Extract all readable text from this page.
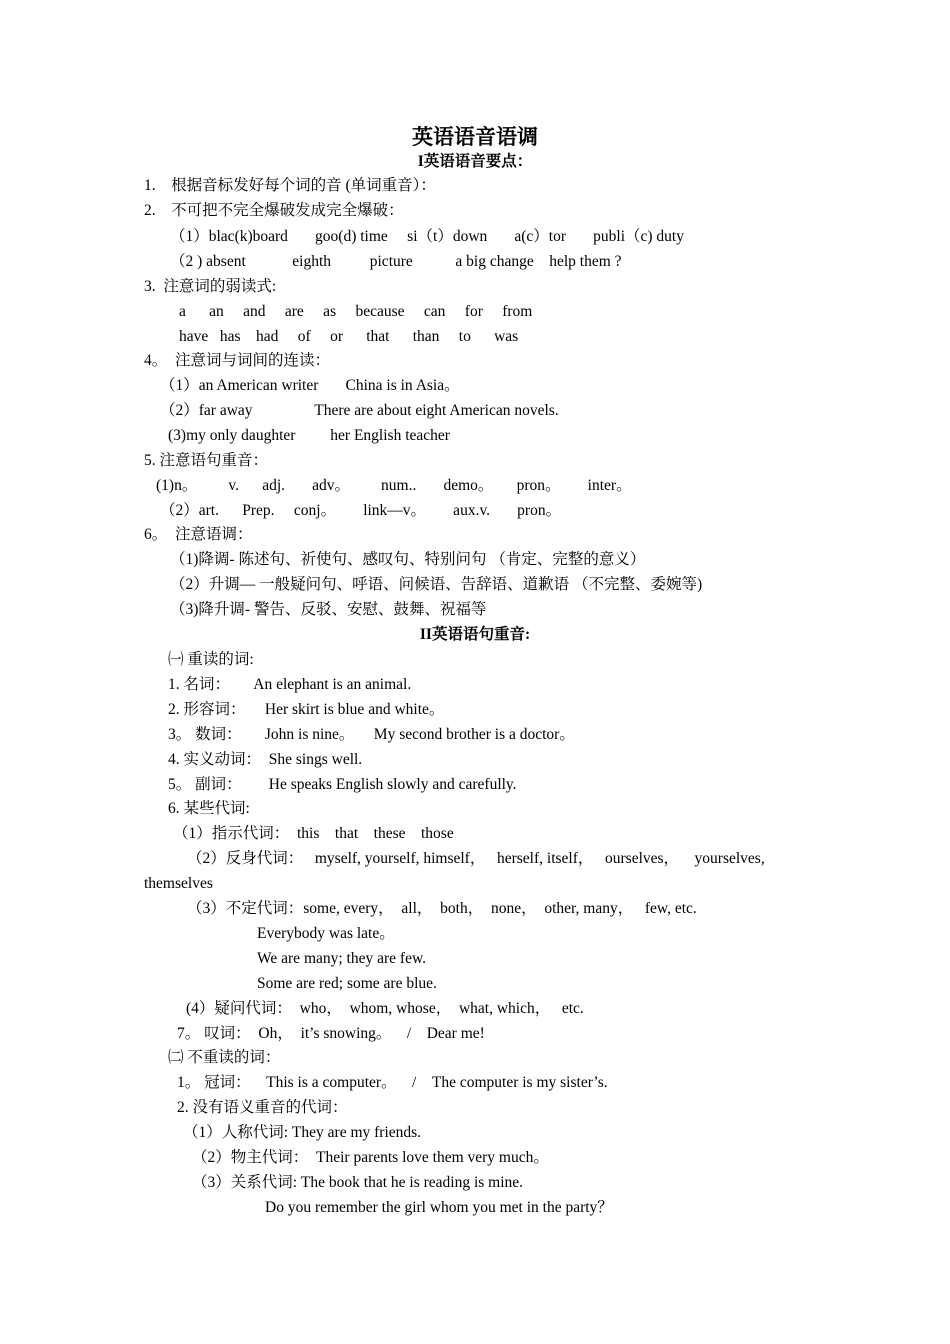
英语语音语调
I英语语音要点：
1.    根据音标发好每个词的音 (单词重音）：
2.    不可把不完全爆破发成完全爆破：
（1）blac(k)board       goo(d) time     si（t）down       a(c）tor       publi（c) duty
（2 ) absent            eighth          picture           a big change    help them ?
3.  注意词的弱读式:
a      an     and     are     as     because     can     for     from
have   has    had     of     or      that      than     to      was
4。  注意词与词间的连读：
（1）an American writer       China is in Asia。
（2）far away                There are about eight American novels.
(3)my only daughter         her English teacher
5. 注意语句重音：
(1)n。        v.      adj.       adv。        num..       demo。      pron。       inter。
（2）art.      Prep.     conj。       link—v。       aux.v.       pron。
6。  注意语调：
（1)降调- 陈述句、祈使句、感叹句、特别问句 （肯定、完整的意义）
（2）升调— 一般疑问句、呼语、问候语、告辞语、道歉语 （不完整、委婉等)
（3)降升调- 警告、反驳、安慰、鼓舞、祝福等
II英语语句重音:
㈠ 重读的词:
1. 名词：      An elephant is an animal.
2. 形容词：     Her skirt is blue and white。
3。 数词：      John is nine。     My second brother is a doctor。
4. 实义动词：  She sings well.
5。 副词：       He speaks English slowly and carefully.
6. 某些代词:
（1）指示代词：  this    that    these    those
（2）反身代词：   myself, yourself, himself，   herself, itself，   ourselves，    yourselves,
themselves
（3）不定代词：some, every，  all，  both，  none，  other, many，   few, etc.
Everybody was late。
We are many; they are few.
Some are red; some are blue.
(4）疑问代词：  who，  whom, whose，  what, which，   etc.
7。 叹词：  Oh，  it’s snowing。    /    Dear me!
㈡ 不重读的词：
1。 冠词：    This is a computer。    /    The computer is my sister’s.
2. 没有语义重音的代词：
（1）人称代词: They are my friends.
（2）物主代词：  Their parents love them very much。
（3）关系代词: The book that he is reading is mine.
Do you remember the girl whom you met in the party？
